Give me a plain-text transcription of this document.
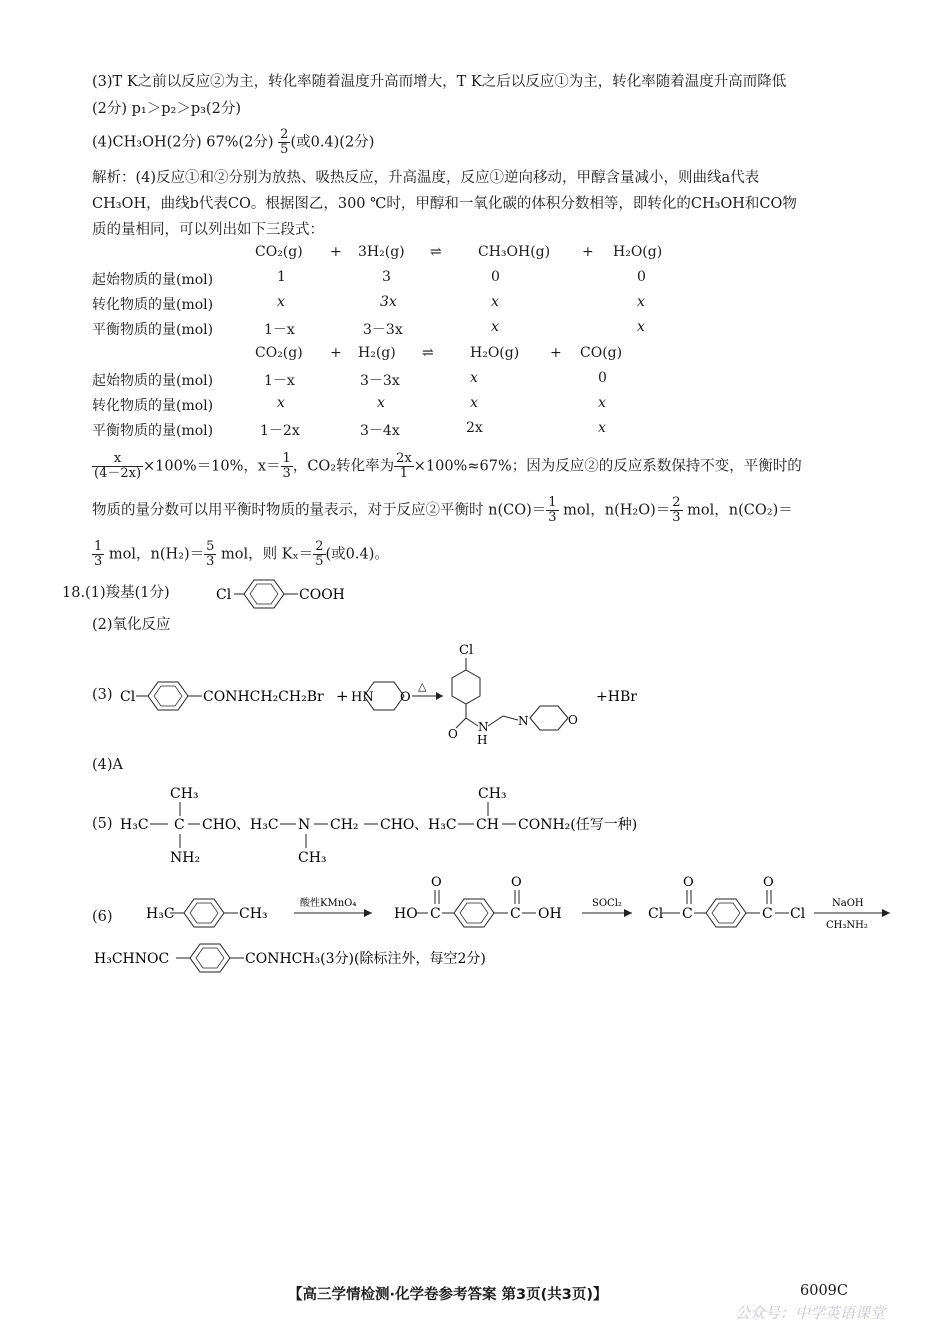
(3)T K之前以反应②为主，转化率随着温度升高而增大，T K之后以反应①为主，转化率随着温度升高而降低
(2分) p₁＞p₂＞p₃(2分)
(4)CH₃OH(2分) 67%(2分) $\frac{2}{5}$ (或0.4)(2分)
解析：(4)反应①和②分别为放热、吸热反应，升高温度，反应①逆向移动，甲醇含量减小，则曲线a代表
CH₃OH，曲线b代表CO。根据图乙，300 ℃时，甲醇和一氧化碳的体积分数相等，即转化的CH₃OH和CO物
质的量相同，可以列出如下三段式：
CO₂(g) + 3H₂(g) ⇌	CH₃OH(g) + H₂O(g)
起始物质的量(mol)	1	3	0	0
转化物质的量(mol)	x	3x	x	x
平衡物质的量(mol)	1－x	3－3x	x	x
CO₂(g) + H₂(g) ⇌	H₂O(g) + CO(g)
起始物质的量(mol)	1－x	3－3x	x	0
转化物质的量(mol)	x	x	x	x
平衡物质的量(mol)	1－2x	3－4x	2x	x
$\frac{x}{(4-2x)} \times 100\%=10\%$，$x= \frac{1}{3}$ ，CO₂转化率为 $\frac{2x}{1} \times 100\%\approx 67\%$；因为反应②的反应系数保持不变，平衡时的
物质的量分数可以用平衡时物质的量表示，对于反应②平衡时 $n(CO)= \frac{1}{3}$ mol，$n(H_2O)= \frac{2}{3}$ mol，n(CO₂)＝
$\frac{1}{3}$ mol，$n(H_2)= \frac{5}{3}$ mol，则 $K_x= \frac{2}{5}$ (或0.4)。
18.(1)羧基(1分)	Cl	COOH
(2)氧化反应
(3) Cl	CONHCH₂CH₂Br + HN O
△
Cl
O N
H
N	O
+HBr
(4)A
(5)
CH₃
H₃C C CHO
NH₂
、H₃C N
CH₃
CH₂ CHO 、H₃C
CH₃
CH CONH₂(任写一种)
(6) H₃C	CH₃
酸性KMnO₄
HO C
O
C
O
OH
SOCl₂
Cl C
O
C
O
Cl
NaOH
CH₃NH₂
H₃CHNOC	CONHCH₃(3分)(除标注外，每空2分)
【高三学情检测·化学卷参考答案 第3页(共3页)】	6009C
公众号：中学英语课堂
